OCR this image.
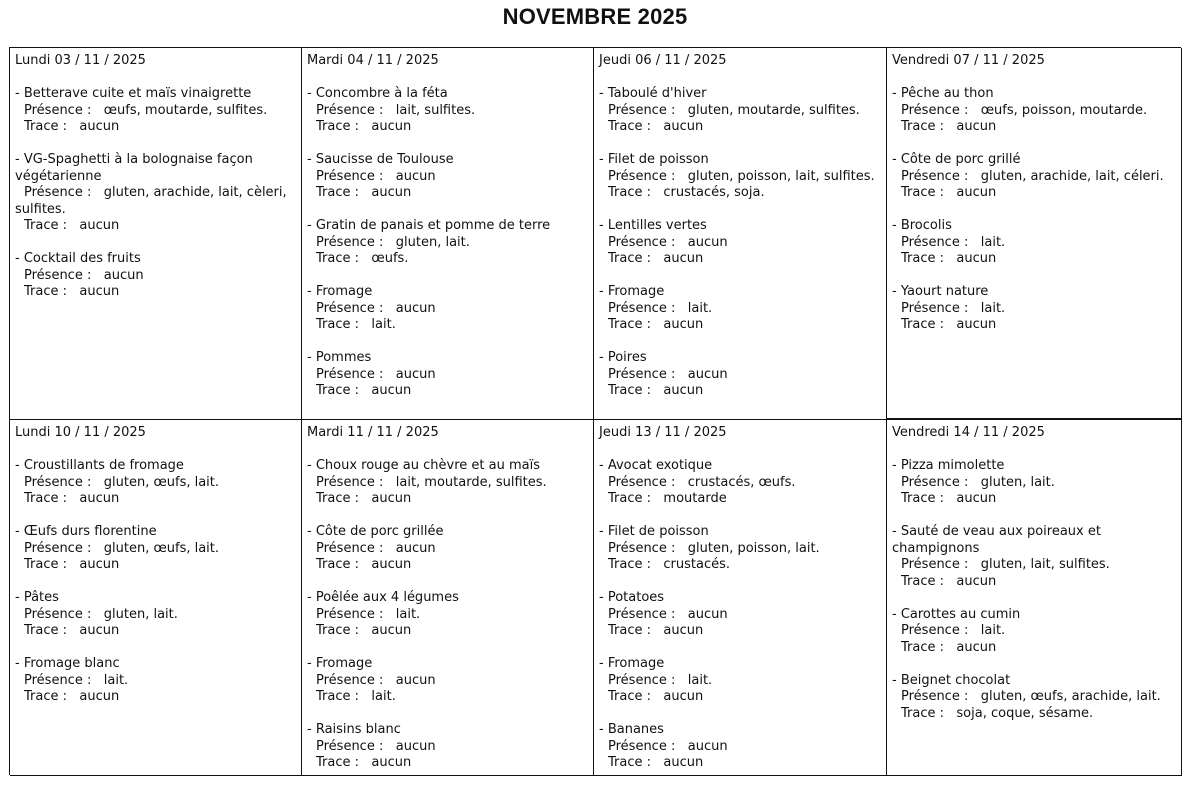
NOVEMBRE 2025
Lundi 03 / 11 / 2025
- Betterave cuite et maïs vinaigrette
Présence : œufs, moutarde, sulfites.
Trace : aucun
- VG-Spaghetti à la bolognaise façon végétarienne
Présence : gluten, arachide, lait, cèleri, sulfites.
Trace : aucun
- Cocktail des fruits
Présence : aucun
Trace : aucun
Mardi 04 / 11 / 2025
- Concombre à la féta
Présence : lait, sulfites.
Trace : aucun
- Saucisse de Toulouse
Présence : aucun
Trace : aucun
- Gratin de panais et pomme de terre
Présence : gluten, lait.
Trace : œufs.
- Fromage
Présence : aucun
Trace : lait.
- Pommes
Présence : aucun
Trace : aucun
Jeudi 06 / 11 / 2025
- Taboulé d'hiver
Présence : gluten, moutarde, sulfites.
Trace : aucun
- Filet de poisson
Présence : gluten, poisson, lait, sulfites.
Trace : crustacés, soja.
- Lentilles vertes
Présence : aucun
Trace : aucun
- Fromage
Présence : lait.
Trace : aucun
- Poires
Présence : aucun
Trace : aucun
Vendredi 07 / 11 / 2025
- Pêche au thon
Présence : œufs, poisson, moutarde.
Trace : aucun
- Côte de porc grillé
Présence : gluten, arachide, lait, céleri.
Trace : aucun
- Brocolis
Présence : lait.
Trace : aucun
- Yaourt nature
Présence : lait.
Trace : aucun
Lundi 10 / 11 / 2025
- Croustillants de fromage
Présence : gluten, œufs, lait.
Trace : aucun
- Œufs durs florentine
Présence : gluten, œufs, lait.
Trace : aucun
- Pâtes
Présence : gluten, lait.
Trace : aucun
- Fromage blanc
Présence : lait.
Trace : aucun
Mardi 11 / 11 / 2025
- Choux rouge au chèvre et au maïs
Présence : lait, moutarde, sulfites.
Trace : aucun
- Côte de porc grillée
Présence : aucun
Trace : aucun
- Poêlée aux 4 légumes
Présence : lait.
Trace : aucun
- Fromage
Présence : aucun
Trace : lait.
- Raisins blanc
Présence : aucun
Trace : aucun
Jeudi 13 / 11 / 2025
- Avocat exotique
Présence : crustacés, œufs.
Trace : moutarde
- Filet de poisson
Présence : gluten, poisson, lait.
Trace : crustacés.
- Potatoes
Présence : aucun
Trace : aucun
- Fromage
Présence : lait.
Trace : aucun
- Bananes
Présence : aucun
Trace : aucun
Vendredi 14 / 11 / 2025
- Pizza mimolette
Présence : gluten, lait.
Trace : aucun
- Sauté de veau aux poireaux et champignons
Présence : gluten, lait, sulfites.
Trace : aucun
- Carottes au cumin
Présence : lait.
Trace : aucun
- Beignet chocolat
Présence : gluten, œufs, arachide, lait.
Trace : soja, coque, sésame.
